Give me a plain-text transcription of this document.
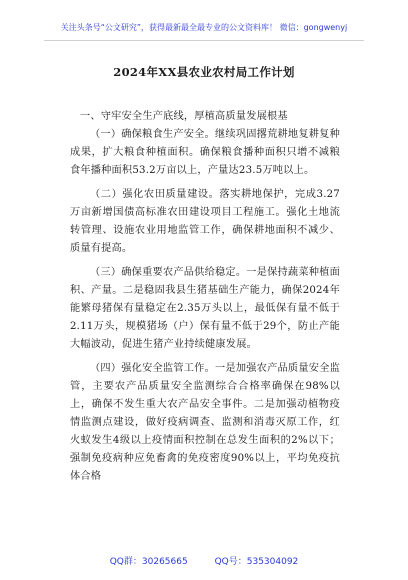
关注头条号“公文研究”，获得最新最全最专业的公文资料库！ 微信：gongwenyj
2024年XX县农业农村局工作计划

一、守牢安全生产底线，厚植高质量发展根基

（一）确保粮食生产安全。继续巩固撂荒耕地复耕复种成果，扩大粮食种植面积。确保粮食播种面积只增不减粮食年播种面积53.2万亩以上，产量达23.5万吨以上。

（二）强化农田质量建设。落实耕地保护，完成3.27万亩新增国债高标准农田建设项目工程施工。强化土地流转管理、设施农业用地监管工作，确保耕地面积不减少、质量有提高。

（三）确保重要农产品供给稳定。一是保持蔬菜种植面积、产量。二是稳固我县生猪基础生产能力，确保2024年能繁母猪保有量稳定在2.35万头以上，最低保有量不低于2.11万头，规模猪场（户）保有量不低于29个，防止产能大幅波动，促进生猪产业持续健康发展。

（四）强化安全监管工作。一是加强农产品质量安全监管，主要农产品质量安全监测综合合格率确保在98%以上，确保不发生重大农产品安全事件。二是加强动植物疫情监测点建设，做好疫病调查、监测和消毒灭原工作，红火蚁发生4级以上疫情面积控制在总发生面积的2%以下；强制免疫病种应免畜禽的免疫密度90%以上，平均免疫抗体合格

QQ群：30265665	QQ号：535304092
